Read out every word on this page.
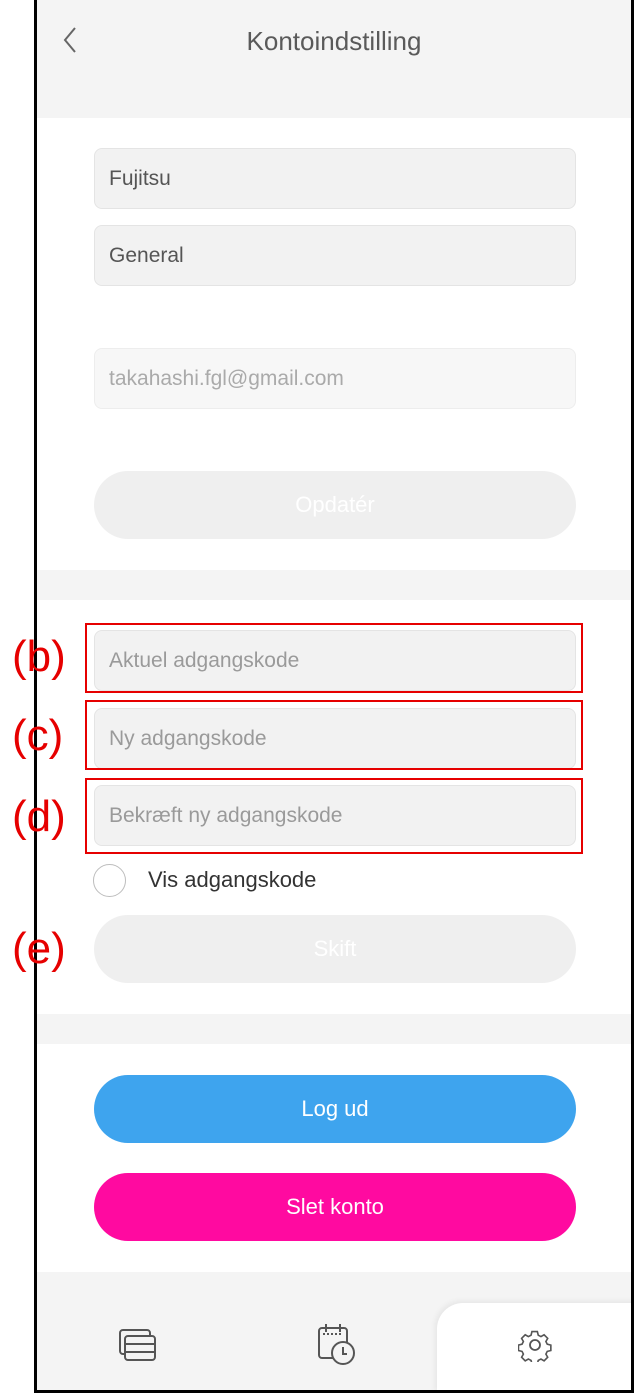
Kontoindstilling
Fujitsu
General
takahashi.fgl@gmail.com
Opdatér
Skift
Vis adgangskode
Log ud
Slet konto
(b)
(c)
(d)
(e)
